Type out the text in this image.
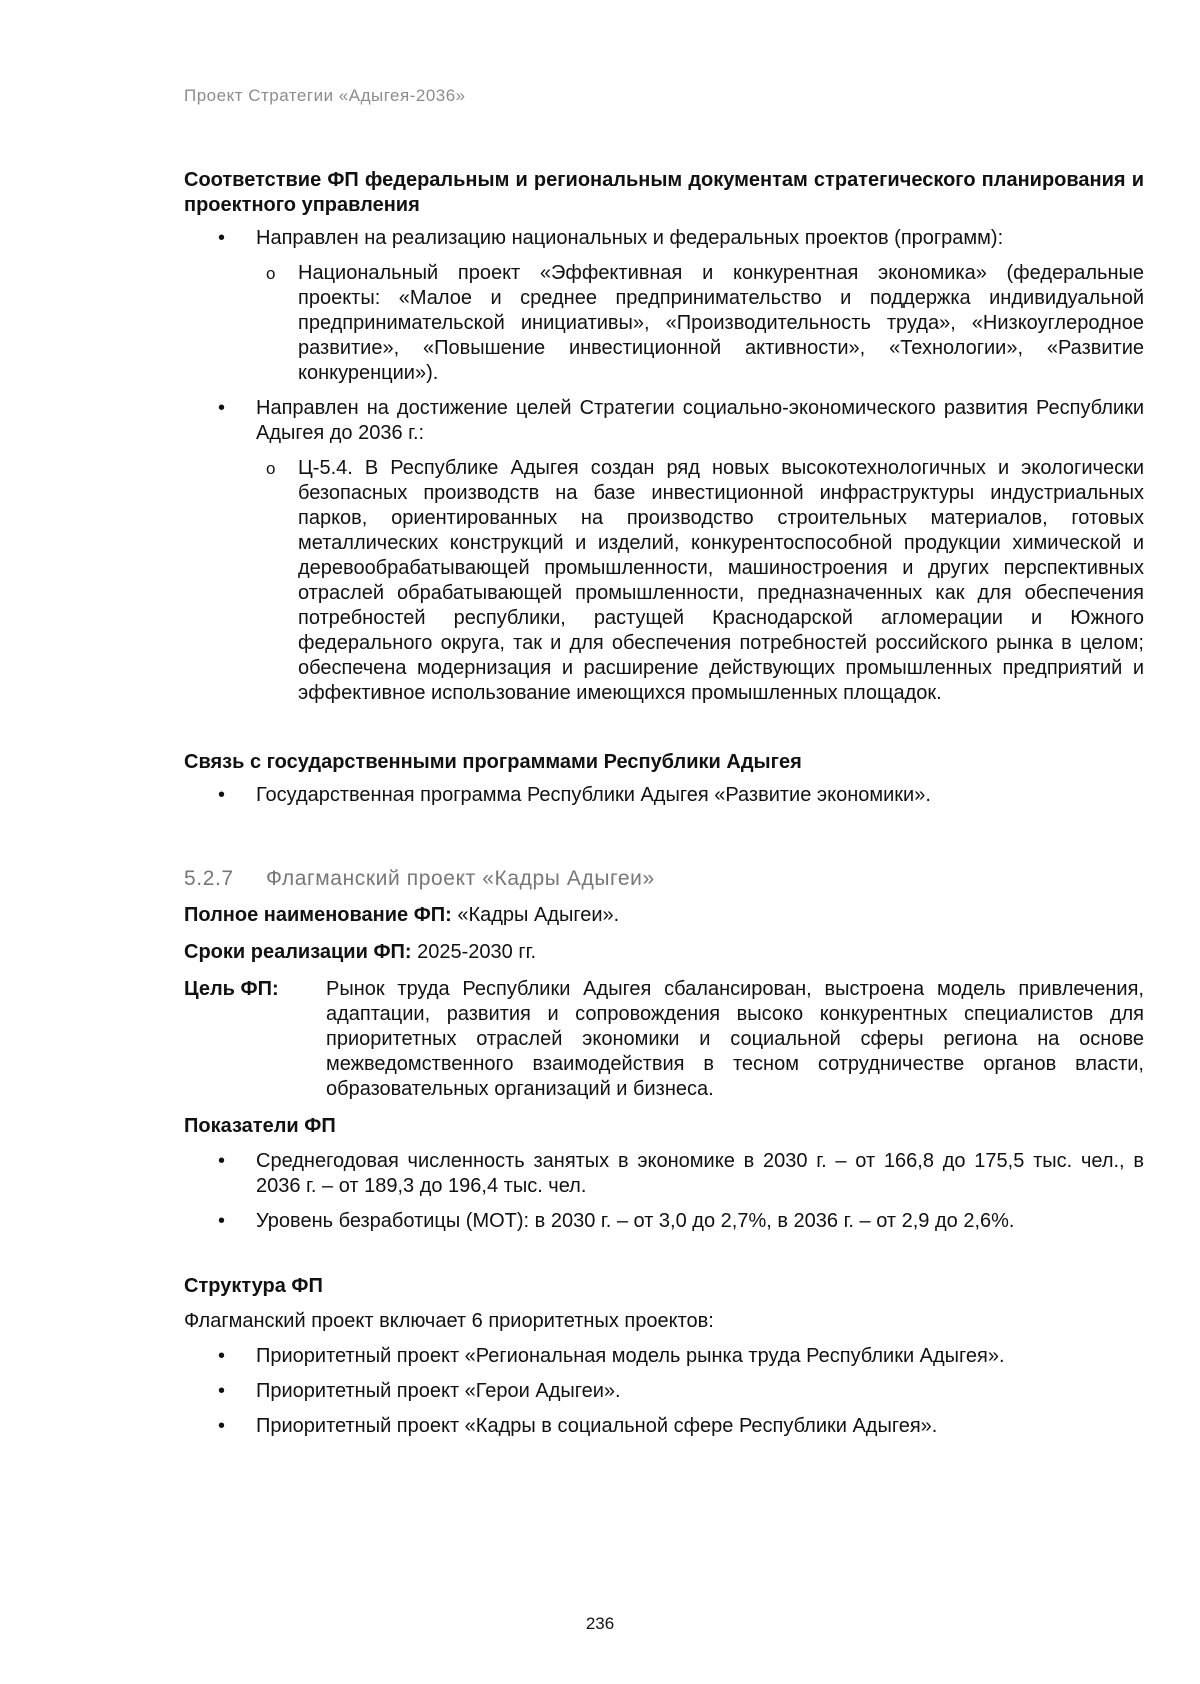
Проект Стратегии «Адыгея-2036»

Соответствие ФП федеральным и региональным документам стратегического планирования и проектного управления

• Направлен на реализацию национальных и федеральных проектов (программ):
o Национальный проект «Эффективная и конкурентная экономика» (федеральные проекты: «Малое и среднее предпринимательство и поддержка индивидуальной предпринимательской инициативы», «Производительность труда», «Низкоуглеродное развитие», «Повышение инвестиционной активности», «Технологии», «Развитие конкуренции»).
• Направлен на достижение целей Стратегии социально-экономического развития Республики Адыгея до 2036 г.:
o Ц-5.4. В Республике Адыгея создан ряд новых высокотехнологичных и экологически безопасных производств на базе инвестиционной инфраструктуры индустриальных парков, ориентированных на производство строительных материалов, готовых металлических конструкций и изделий, конкурентоспособной продукции химической и деревообрабатывающей промышленности, машиностроения и других перспективных отраслей обрабатывающей промышленности, предназначенных как для обеспечения потребностей республики, растущей Краснодарской агломерации и Южного федерального округа, так и для обеспечения потребностей российского рынка в целом; обеспечена модернизация и расширение действующих промышленных предприятий и эффективное использование имеющихся промышленных площадок.

Связь с государственными программами Республики Адыгея

• Государственная программа Республики Адыгея «Развитие экономики».

5.2.7 Флагманский проект «Кадры Адыгеи»

Полное наименование ФП: «Кадры Адыгеи».

Сроки реализации ФП: 2025-2030 гг.

Цель ФП:	Рынок труда Республики Адыгея сбалансирован, выстроена модель привлечения, адаптации, развития и сопровождения высоко конкурентных специалистов для приоритетных отраслей экономики и социальной сферы региона на основе межведомственного взаимодействия в тесном сотрудничестве органов власти, образовательных организаций и бизнеса.

Показатели ФП

• Среднегодовая численность занятых в экономике в 2030 г. – от 166,8 до 175,5 тыс. чел., в 2036 г. – от 189,3 до 196,4 тыс. чел.
• Уровень безработицы (МОТ): в 2030 г. – от 3,0 до 2,7%, в 2036 г. – от 2,9 до 2,6%.

Структура ФП

Флагманский проект включает 6 приоритетных проектов:

• Приоритетный проект «Региональная модель рынка труда Республики Адыгея».
• Приоритетный проект «Герои Адыгеи».
• Приоритетный проект «Кадры в социальной сфере Республики Адыгея».
236
